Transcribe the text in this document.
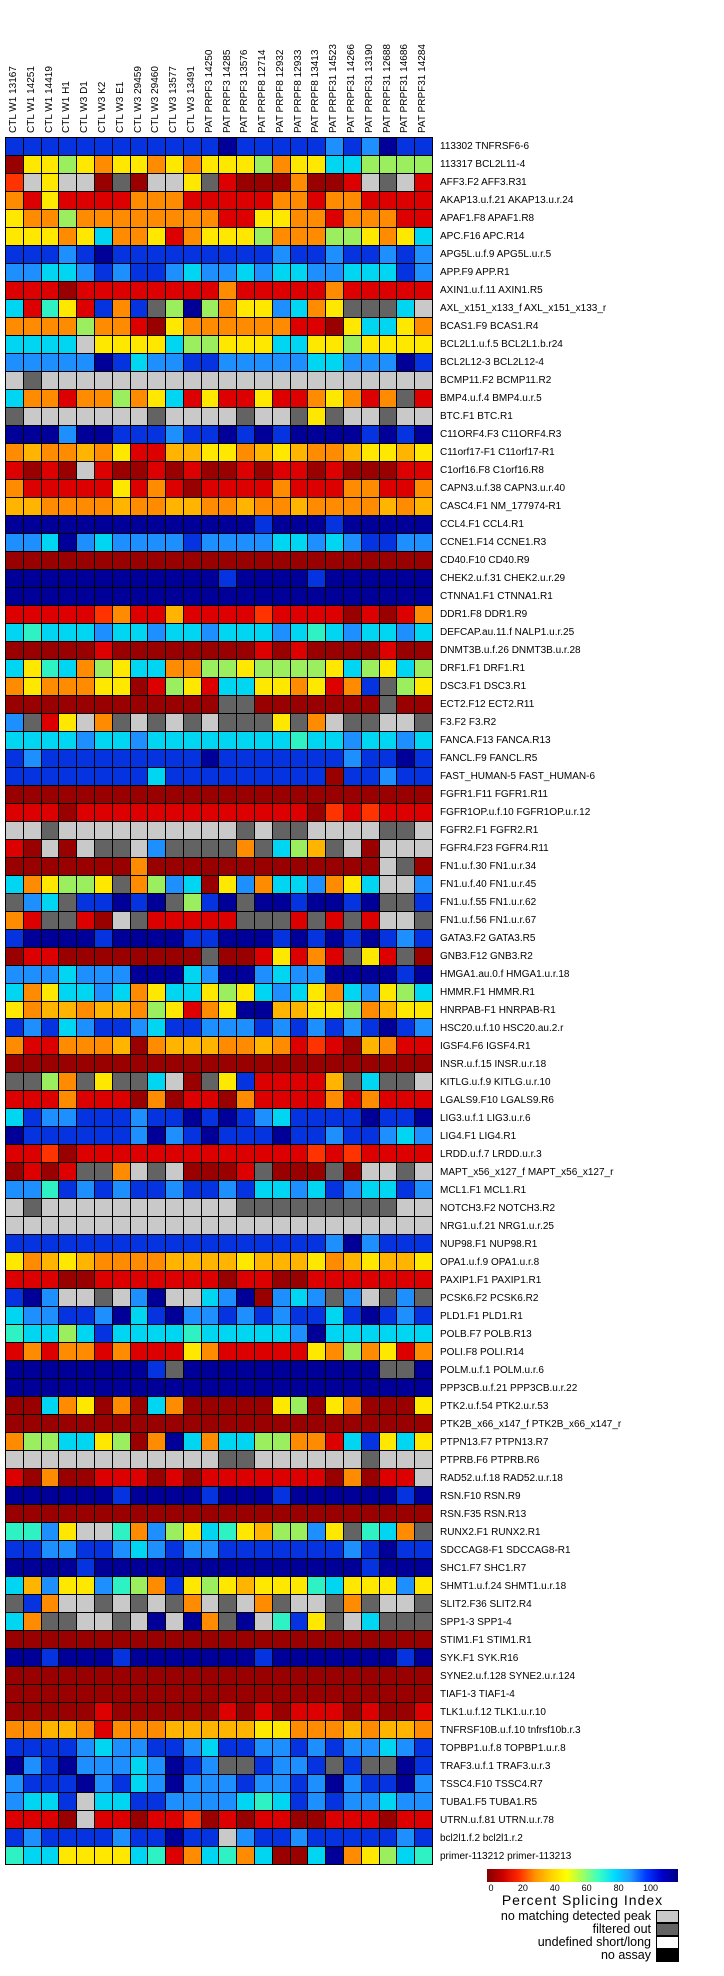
CTL W1 13167 CTL W1 14251 CTL W1 14419 CTL W1 H1 CTL W3 D1 CTL W3 K2 CTL W3 E1 CTL W3 29459 CTL W3 29460 CTL W3 13577 CTL W3 13491 PAT PRPF3 14250 PAT PRPF3 14285 PAT PRPF3 13576 PAT PRPF8 12714 PAT PRPF8 12932 PAT PRPF8 12933 PAT PRPF8 13413 PAT PRPF31 14523 PAT PRPF31 14266 PAT PRPF31 13190 PAT PRPF31 12688 PAT PRPF31 14686 PAT PRPF31 14284
113302 TNFRSF6-6
113317 BCL2L11-4
AFF3.F2 AFF3.R31
AKAP13.u.f.21 AKAP13.u.r.24
APAF1.F8 APAF1.R8
APC.F16 APC.R14
APG5L.u.f.9 APG5L.u.r.5
APP.F9 APP.R1
AXIN1.u.f.11 AXIN1.R5
AXL_x151_x133_f AXL_x151_x133_r
BCAS1.F9 BCAS1.R4
BCL2L1.u.f.5 BCL2L1.b.r24
BCL2L12-3 BCL2L12-4
BCMP11.F2 BCMP11.R2
BMP4.u.f.4 BMP4.u.r.5
BTC.F1 BTC.R1
C11ORF4.F3 C11ORF4.R3
C11orf17-F1 C11orf17-R1
C1orf16.F8 C1orf16.R8
CAPN3.u.f.38 CAPN3.u.r.40
CASC4.F1 NM_177974-R1
CCL4.F1 CCL4.R1
CCNE1.F14 CCNE1.R3
CD40.F10 CD40.R9
CHEK2.u.f.31 CHEK2.u.r.29
CTNNA1.F1 CTNNA1.R1
DDR1.F8 DDR1.R9
DEFCAP.au.11.f NALP1.u.r.25
DNMT3B.u.f.26 DNMT3B.u.r.28
DRF1.F1 DRF1.R1
DSC3.F1 DSC3.R1
ECT2.F12 ECT2.R11
F3.F2 F3.R2
FANCA.F13 FANCA.R13
FANCL.F9 FANCL.R5
FAST_HUMAN-5 FAST_HUMAN-6
FGFR1.F11 FGFR1.R11
FGFR1OP.u.f.10 FGFR1OP.u.r.12
FGFR2.F1 FGFR2.R1
FGFR4.F23 FGFR4.R11
FN1.u.f.30 FN1.u.r.34
FN1.u.f.40 FN1.u.r.45
FN1.u.f.55 FN1.u.r.62
FN1.u.f.56 FN1.u.r.67
GATA3.F2 GATA3.R5
GNB3.F12 GNB3.R2
HMGA1.au.0.f HMGA1.u.r.18
HMMR.F1 HMMR.R1
HNRPAB-F1 HNRPAB-R1
HSC20.u.f.10 HSC20.au.2.r
IGSF4.F6 IGSF4.R1
INSR.u.f.15 INSR.u.r.18
KITLG.u.f.9 KITLG.u.r.10
LGALS9.F10 LGALS9.R6
LIG3.u.f.1 LIG3.u.r.6
LIG4.F1 LIG4.R1
LRDD.u.f.7 LRDD.u.r.3
MAPT_x56_x127_f MAPT_x56_x127_r
MCL1.F1 MCL1.R1
NOTCH3.F2 NOTCH3.R2
NRG1.u.f.21 NRG1.u.r.25
NUP98.F1 NUP98.R1
OPA1.u.f.9 OPA1.u.r.8
PAXIP1.F1 PAXIP1.R1
PCSK6.F2 PCSK6.R2
PLD1.F1 PLD1.R1
POLB.F7 POLB.R13
POLI.F8 POLI.R14
POLM.u.f.1 POLM.u.r.6
PPP3CB.u.f.21 PPP3CB.u.r.22
PTK2.u.f.54 PTK2.u.r.53
PTK2B_x66_x147_f PTK2B_x66_x147_r
PTPN13.F7 PTPN13.R7
PTPRB.F6 PTPRB.R6
RAD52.u.f.18 RAD52.u.r.18
RSN.F10 RSN.R9
RSN.F35 RSN.R13
RUNX2.F1 RUNX2.R1
SDCCAG8-F1 SDCCAG8-R1
SHC1.F7 SHC1.R7
SHMT1.u.f.24 SHMT1.u.r.18
SLIT2.F36 SLIT2.R4
SPP1-3 SPP1-4
STIM1.F1 STIM1.R1
SYK.F1 SYK.R16
SYNE2.u.f.128 SYNE2.u.r.124
TIAF1-3 TIAF1-4
TLK1.u.f.12 TLK1.u.r.10
TNFRSF10B.u.f.10 tnfrsf10b.r.3
TOPBP1.u.f.8 TOPBP1.u.r.8
TRAF3.u.f.1 TRAF3.u.r.3
TSSC4.F10 TSSC4.R7
TUBA1.F5 TUBA1.R5
UTRN.u.f.81 UTRN.u.r.78
bcl2l1.f.2 bcl2l1.r.2
primer-113212 primer-113213
0	20 40 60 80 100
Percent Splicing Index
no matching detected peak
filtered out
undefined short/long
no assay
